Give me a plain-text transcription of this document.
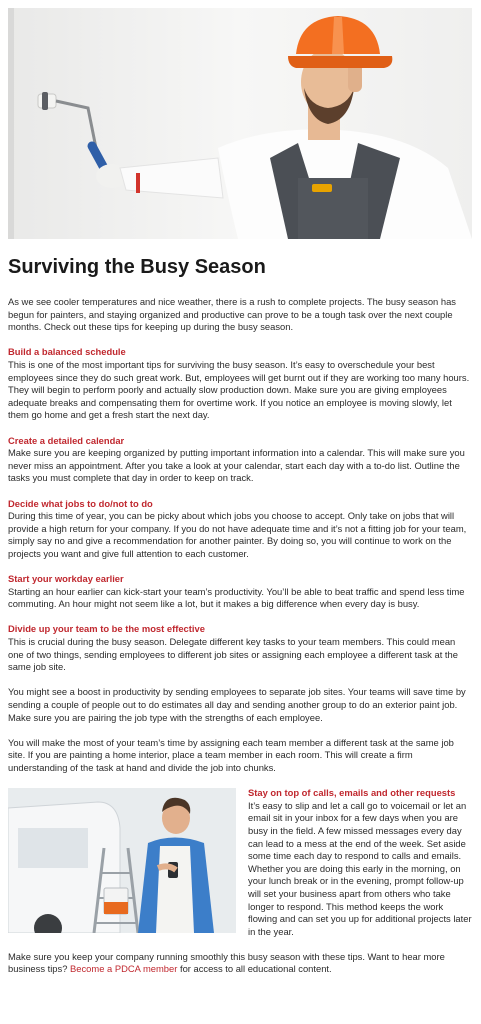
Surviving the Busy Season

As we see cooler temperatures and nice weather, there is a rush to complete projects. The busy season has begun for painters, and staying organized and productive can prove to be a tough task over the next couple months. Check out these tips for keeping up during the busy season.

Build a balanced schedule
This is one of the most important tips for surviving the busy season. It’s easy to overschedule your best employees since they do such great work. But, employees will get burnt out if they are working too many hours. They will begin to perform poorly and actually slow production down. Make sure you are giving employees adequate breaks and compensating them for overtime work. If you notice an employee is moving slowly, let them go home and get a fresh start the next day.
Create a detailed calendar
Make sure you are keeping organized by putting important information into a calendar. This will make sure you never miss an appointment. After you take a look at your calendar, start each day with a to-do list. Outline the tasks you must complete that day in order to keep on track.
Decide what jobs to do/not to do
During this time of year, you can be picky about which jobs you choose to accept. Only take on jobs that will provide a high return for your company. If you do not have adequate time and it’s not a fitting job for your team, simply say no and give a recommendation for another painter. By doing so, you will continue to work on the projects you want and give full attention to each customer.
Start your workday earlier
Starting an hour earlier can kick-start your team’s productivity. You’ll be able to beat traffic and spend less time commuting. An hour might not seem like a lot, but it makes a big difference when every day is busy.
Divide up your team to be the most effective
This is crucial during the busy season. Delegate different key tasks to your team members. This could mean one of two things, sending employees to different job sites or assigning each employee a different task at the same job site.

You might see a boost in productivity by sending employees to separate job sites. Your teams will save time by sending a couple of people out to do estimates all day and sending another group to do an exterior paint job. Make sure you are pairing the job type with the strengths of each employee.

You will make the most of your team’s time by assigning each team member a different task at the same job site. If you are painting a home interior, place a team member in each room. This will create a firm understanding of the task at hand and divide the job into chunks.

Stay on top of calls, emails and other requests
It’s easy to slip and let a call go to voicemail or let an email sit in your inbox for a few days when you are busy in the field. A few missed messages every day can lead to a mess at the end of the week. Set aside some time each day to respond to calls and emails. Whether you are doing this early in the morning, on your lunch break or in the evening, prompt follow-up will set your business apart from others who take longer to respond. This method keeps the work flowing and can set you up for additional projects later in the year.

Make sure you keep your company running smoothly this busy season with these tips. Want to hear more business tips? Become a PDCA member for access to all educational content.
